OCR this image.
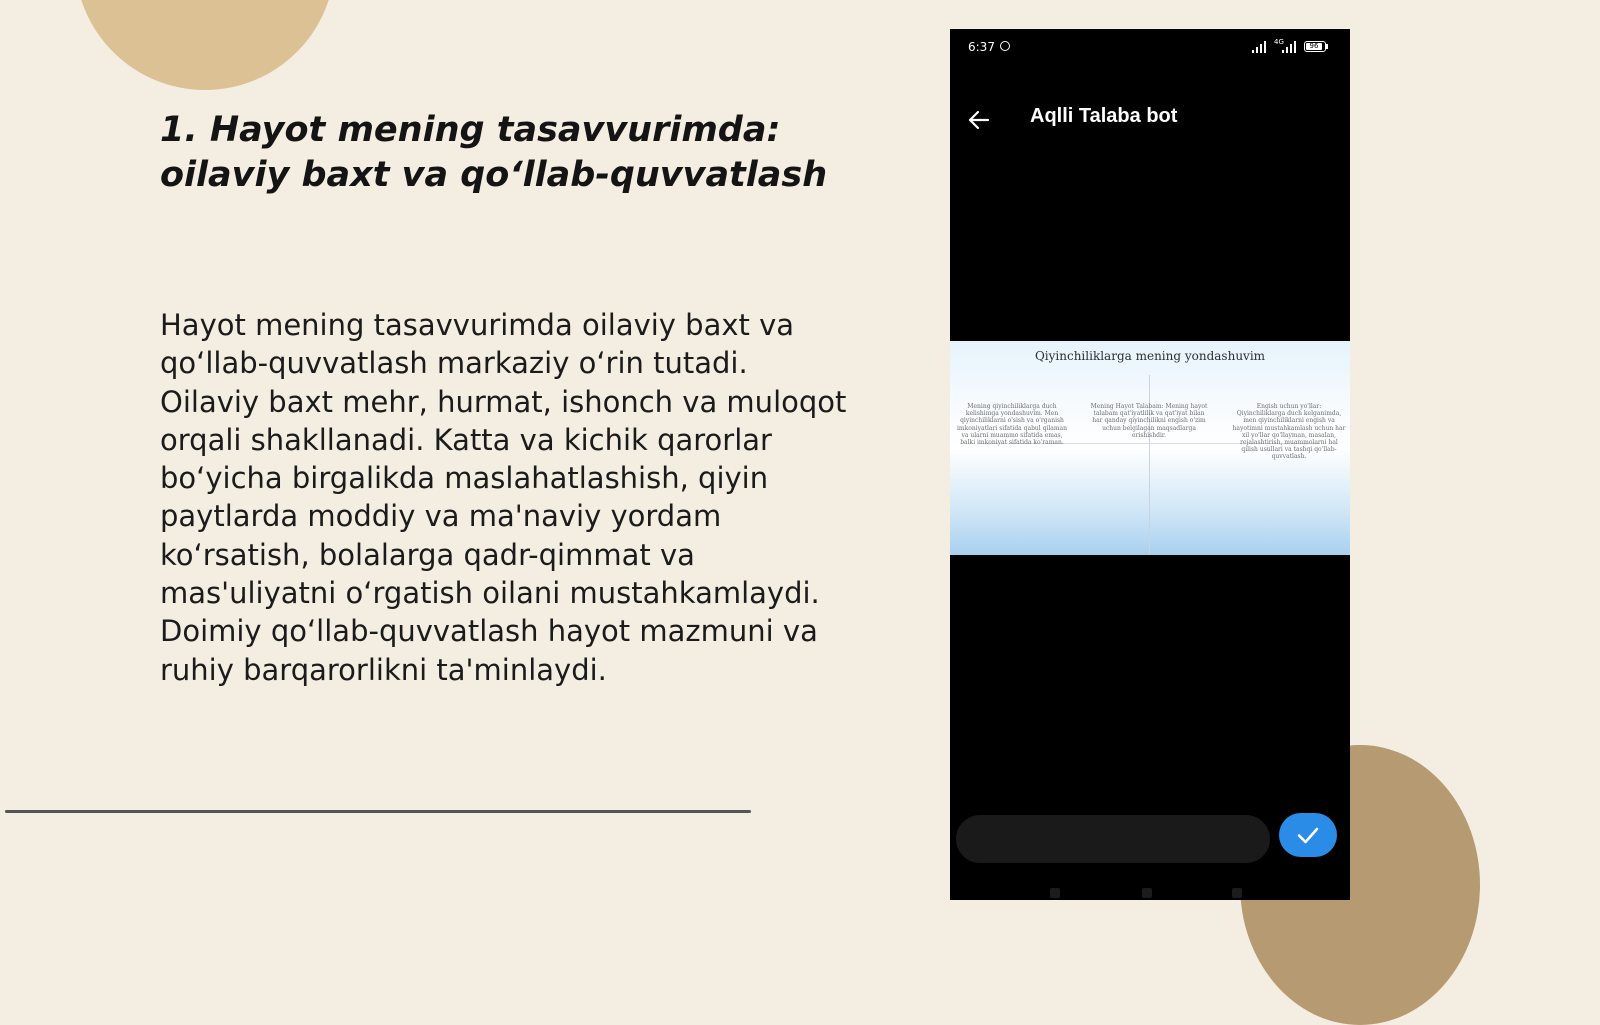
1. Hayot mening tasavvurimda: oilaviy baxt va qo‘llab-quvvatlash

Hayot mening tasavvurimda oilaviy baxt va qo‘llab-quvvatlash markaziy o‘rin tutadi. Oilaviy baxt mehr, hurmat, ishonch va muloqot orqali shakllanadi. Katta va kichik qarorlar bo‘yicha birgalikda maslahatlashish, qiyin paytlarda moddiy va ma'naviy yordam ko‘rsatish, bolalarga qadr-qimmat va mas'uliyatni o‘rgatish oilani mustahkamlaydi. Doimiy qo‘llab-quvvatlash hayot mazmuni va ruhiy barqarorlikni ta'minlaydi.

6:37	4G	96
Aqlli Talaba bot
Qiyinchiliklarga mening yondashuvim
Mening qiyinchiliklarga duch kelishimga yondashuvim. Men qiyinchiliklarni o'sish va o'rganish imkoniyatlari sifatida qabul qilaman va ularni muammo sifatida emas, balki imkoniyat sifatida ko'raman.
Mening Hayot Talabam: Mening hayot talabam qat'iyatlilik va qat'iyat bilan har qanday qiyinchilikni engish o'zim uchun belgilagan maqsadlarga erishishdir.
Engish uchun yo'llar: Qiyinchiliklarga duch kelganimda, men qiyinchiliklarni engish va hayotimni mustahkamlash uchun har xil yo'llar qo'llayman, masalan, rejalashtirish, muammolarni hal qilish usullari va tashqi qo'llab-quvvatlash.
